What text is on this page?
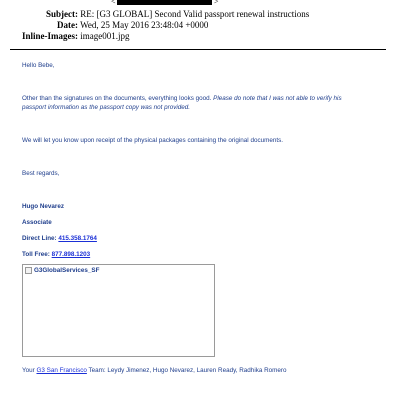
<	>
Subject: RE: [G3 GLOBAL] Second Valid passport renewal instructions
Date: Wed, 25 May 2016 23:48:04 +0000
Inline-Images: image001.jpg
Hello Bebe,
Other than the signatures on the documents, everything looks good. Please do note that I was not able to verify his passport information as the passport copy was not provided.
We will let you know upon receipt of the physical packages containing the original documents.
Best regards,
Hugo Nevarez
Associate
Direct Line: 415.358.1764
Toll Free: 877.898.1203
G3GlobalServices_SF
Your G3 San Francisco Team: Leydy Jimenez, Hugo Nevarez, Lauren Ready, Radhika Romero
